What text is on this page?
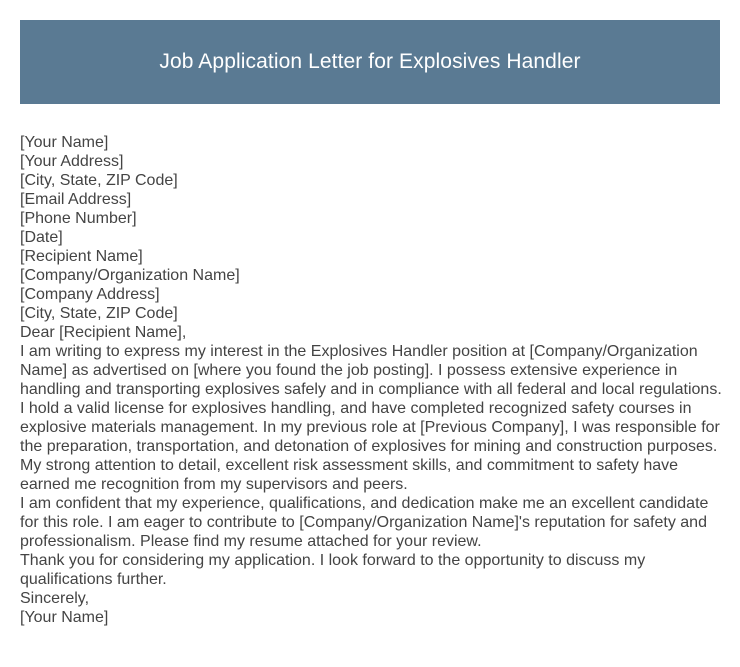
Job Application Letter for Explosives Handler
[Your Name]
[Your Address]
[City, State, ZIP Code]
[Email Address]
[Phone Number]
[Date]
[Recipient Name]
[Company/Organization Name]
[Company Address]
[City, State, ZIP Code]
Dear [Recipient Name],
I am writing to express my interest in the Explosives Handler position at [Company/Organization Name] as advertised on [where you found the job posting]. I possess extensive experience in handling and transporting explosives safely and in compliance with all federal and local regulations.
I hold a valid license for explosives handling, and have completed recognized safety courses in explosive materials management. In my previous role at [Previous Company], I was responsible for the preparation, transportation, and detonation of explosives for mining and construction purposes. My strong attention to detail, excellent risk assessment skills, and commitment to safety have earned me recognition from my supervisors and peers.
I am confident that my experience, qualifications, and dedication make me an excellent candidate for this role. I am eager to contribute to [Company/Organization Name]'s reputation for safety and professionalism. Please find my resume attached for your review.
Thank you for considering my application. I look forward to the opportunity to discuss my qualifications further.
Sincerely,
[Your Name]
